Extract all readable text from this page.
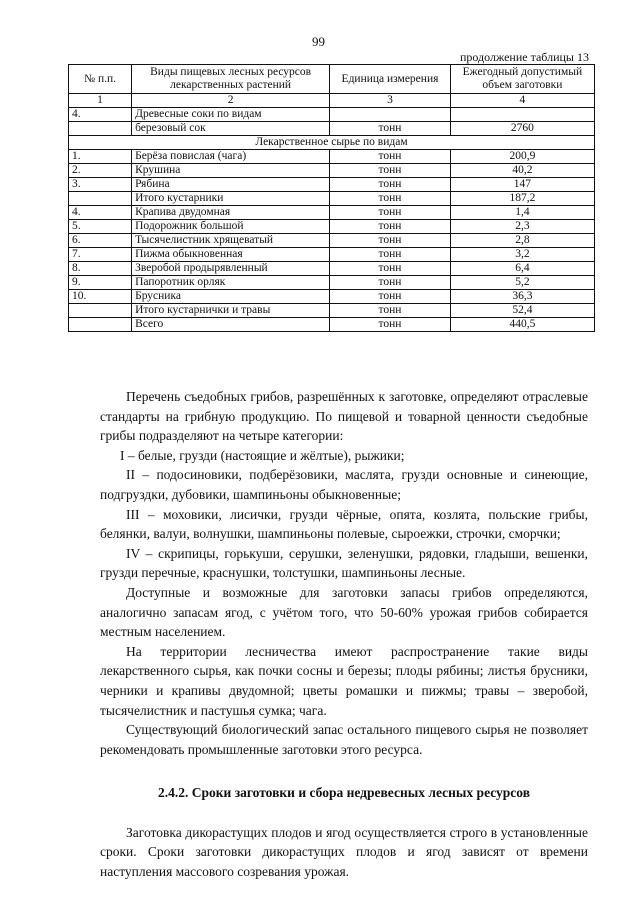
99
продолжение таблицы 13
№ п.п.	Виды пищевых лесных ресурсов лекарственных растений	Единица измерения	Ежегодный допустимый объем заготовки
1	2	3	4
4.	Древесные соки по видам		
	березовый сок	тонн	2760
Лекарственное сырье по видам			
1.	Берёза повислая (чага)	тонн	200,9
2.	Крушина	тонн	40,2
3.	Рябина	тонн	147
	Итого кустарники	тонн	187,2
4.	Крапива двудомная	тонн	1,4
5.	Подорожник большой	тонн	2,3
6.	Тысячелистник хрящеватый	тонн	2,8
7.	Пижма обыкновенная	тонн	3,2
8.	Зверобой продырявленный	тонн	6,4
9.	Папоротник орляк	тонн	5,2
10.	Брусника	тонн	36,3
	Итого кустарнички и травы	тонн	52,4
	Всего	тонн	440,5

Перечень съедобных грибов, разрешённых к заготовке, определяют отраслевые стандарты на грибную продукцию. По пищевой и товарной ценности съедобные грибы подразделяют на четыре категории:

I – белые, грузди (настоящие и жёлтые), рыжики;

II – подосиновики, подберёзовики, маслята, грузди основные и синеющие, подгруздки, дубовики, шампиньоны обыкновенные;

III – моховики, лисички, грузди чёрные, опята, козлята, польские грибы, белянки, валуи, волнушки, шампиньоны полевые, сыроежки, строчки, сморчки;

IV – скрипицы, горькуши, серушки, зеленушки, рядовки, гладыши, вешенки, грузди перечные, краснушки, толстушки, шампиньоны лесные.

Доступные и возможные для заготовки запасы грибов определяются, аналогично запасам ягод, с учётом того, что 50-60% урожая грибов собирается местным населением.

На территории лесничества имеют распространение такие виды лекарственного сырья, как почки сосны и березы; плоды рябины; листья брусники, черники и крапивы двудомной; цветы ромашки и пижмы; травы – зверобой, тысячелистник и пастушья сумка; чага.

Существующий биологический запас остального пищевого сырья не позволяет рекомендовать промышленные заготовки этого ресурса.

2.4.2. Сроки заготовки и сбора недревесных лесных ресурсов

Заготовка дикорастущих плодов и ягод осуществляется строго в установленные сроки. Сроки заготовки дикорастущих плодов и ягод зависят от времени наступления массового созревания урожая.
